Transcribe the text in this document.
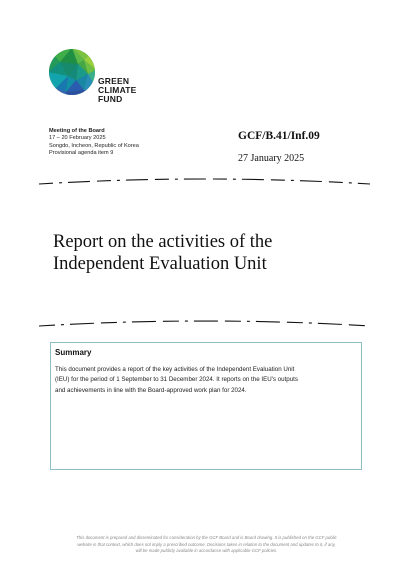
GREEN
CLIMATE
FUND
Meeting of the Board
17 – 20 February 2025
Songdo, Incheon, Republic of Korea
Provisional agenda item 9
GCF/B.41/Inf.09
27 January 2025
Report on the activities of the
Independent Evaluation Unit
Summary
This document provides a report of the key activities of the Independent Evaluation Unit
(IEU) for the period of 1 September to 31 December 2024. It reports on the IEU's outputs
and achievements in line with the Board-approved work plan for 2024.
This document is prepared and disseminated for consideration by the GCF Board and is Board drawing. It is published on the GCF public
website in that context, which does not imply a prescribed outcome. Decisions taken in relation to the document and updates to it, if any,
will be made publicly available in accordance with applicable GCF policies.
